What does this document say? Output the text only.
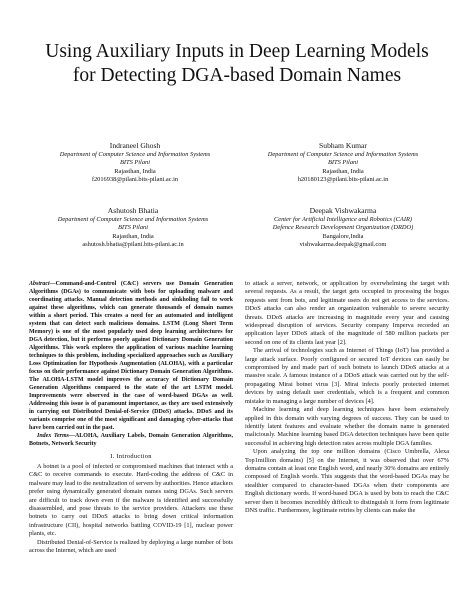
Using Auxiliary Inputs in Deep Learning Models
for Detecting DGA-based Domain Names
Indraneel Ghosh
Department of Computer Science and Information Systems
BITS Pilani
Rajasthan, India
f2016938@pilani.bits-pilani.ac.in
Subham Kumar
Department of Computer Science and Information Systems
BITS Pilani
Rajasthan, India
h20180123@pilani.bits-pilani.ac.in
Ashutosh Bhatia
Department of Computer Science and Information Systems
BITS Pilani
Rajasthan, India
ashutosh.bhatia@pilani.bits-pilani.ac.in
Deepak Vishwakarma
Center for Artificial Intelligence and Robotics (CAIR)
Defence Research Development Organization (DRDO)
Bangalore,India
vishwakarma.deepak@gmail.com

Abstract—Command-and-Control (C&C) servers use Domain Generation Algorithms (DGAs) to communicate with bots for uploading malware and coordinating attacks. Manual detection methods and sinkholing fail to work against these algorithms, which can generate thousands of domain names within a short period. This creates a need for an automated and intelligent system that can detect such malicious domains. LSTM (Long Short Term Memory) is one of the most popularly used deep learning architectures for DGA detection, but it performs poorly against Dictionary Domain Generation Algorithms. This work explores the application of various machine learning techniques to this problem, including specialized approaches such as Auxiliary Loss Optimization for Hypothesis Augmentation (ALOHA), with a particular focus on their performance against Dictionary Domain Generation Algorithms. The ALOHA-LSTM model improves the accuracy of Dictionary Domain Generation Algorithms compared to the state of the art LSTM model. Improvements were observed in the case of word-based DGAs as well. Addressing this issue is of paramount importance, as they are used extensively in carrying out Distributed Denial-of-Service (DDoS) attacks. DDoS and its variants comprise one of the most significant and damaging cyber-attacks that have been carried out in the past.

Index Terms—ALOHA, Auxiliary Labels, Domain Generation Algorithms, Botnets, Network Security

I. Introduction

A botnet is a pool of infected or compromised machines that interact with a C&C to receive commands to execute. Hard-coding the address of C&C in malware may lead to the neutralization of servers by authorities. Hence attackers prefer using dynamically generated domain names using DGAs. Such servers are difficult to track down even if the malware is identified and successfully disassembled, and pose threats to the service providers. Attackers use these botnets to carry out DDoS attacks to bring down critical information infrastructure (CII), hospital networks battling COVID-19 [1], nuclear power plants, etc.

Distributed Denial-of-Service is realized by deploying a large number of bots across the Internet, which are used

to attack a server, network, or application by overwhelming the target with several requests. As a result, the target gets occupied in processing the bogus requests sent from bots, and legitimate users do not get access to the services. DDoS attacks can also render an organization vulnerable to severe security threats. DDoS attacks are increasing in magnitude every year and causing widespread disruption of services. Security company Imperva recorded an application layer DDoS attack of the magnitude of 580 million packets per second on one of its clients last year [2].

The arrival of technologies such as Internet of Things (IoT) has provided a large attack surface. Poorly configured or secured IoT devices can easily be compromised by and made part of such botnets to launch DDoS attacks at a massive scale. A famous instance of a DDoS attack was carried out by the self-propagating Mirai botnet virus [3]. Mirai infects poorly protected internet devices by using default user credentials, which is a frequent and common mistake in managing a large number of devices [4].

Machine learning and deep learning techniques have been extensively applied in this domain with varying degrees of success. They can be used to identify latent features and evaluate whether the domain name is generated maliciously. Machine learning based DGA detection techniques have been quite successful in achieving high detection rates across multiple DGA families.

Upon analyzing the top one million domains (Cisco Umbrella, Alexa Top1million domains) [5] on the Internet, it was observed that over 67% domains contain at least one English word, and nearly 30% domains are entirely composed of English words. This suggests that the word-based DGAs may be stealthier compared to character-based DGAs when their components are English dictionary words. If word-based DGA is used by bots to reach the C&C server then it becomes incredibly difficult to distinguish it form from legitimate DNS traffic. Furthermore, legitimate retries by clients can make the
